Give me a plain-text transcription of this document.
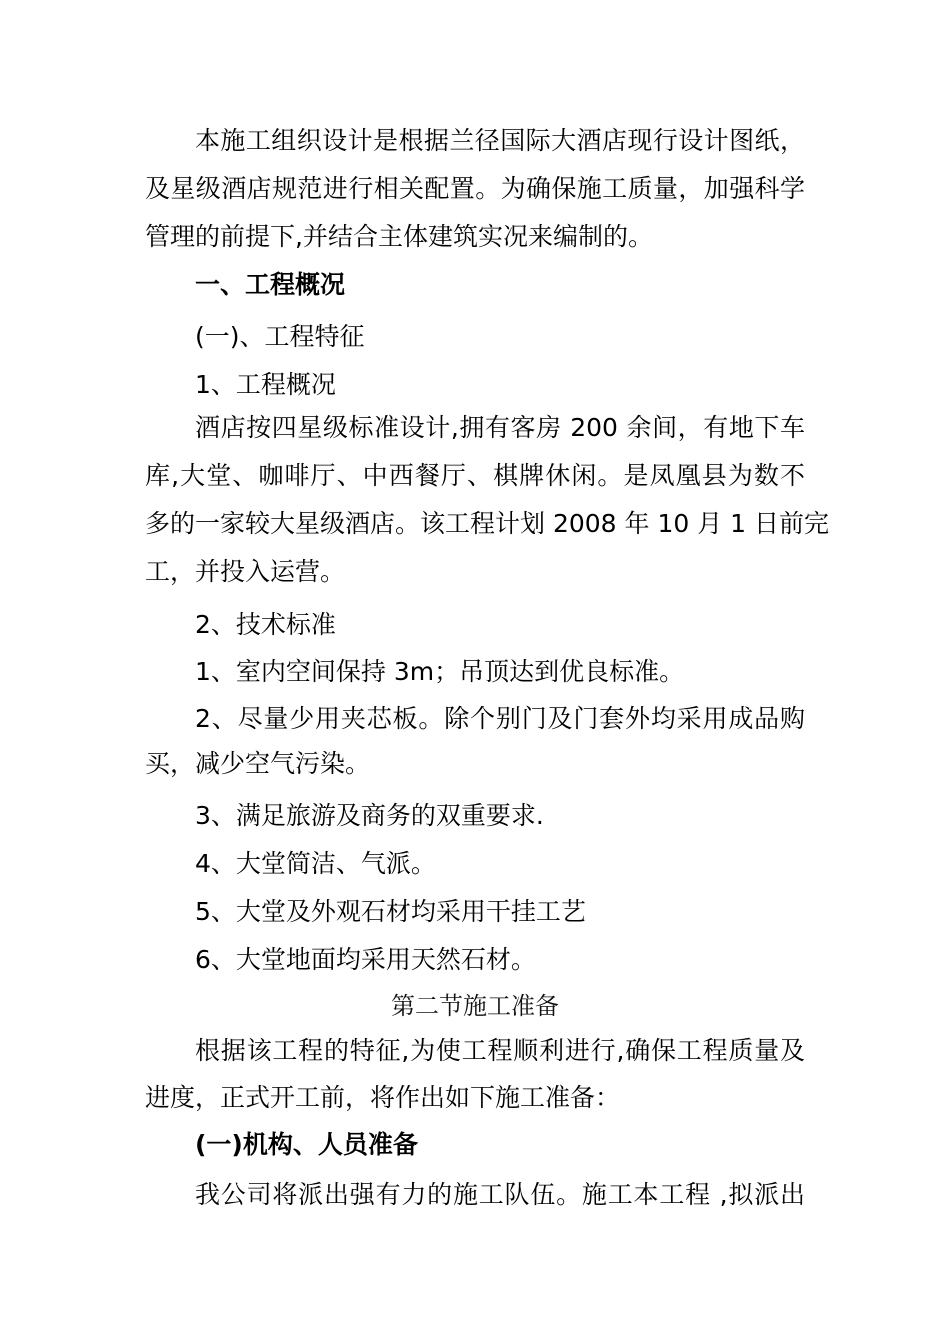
本施工组织设计是根据兰径国际大酒店现行设计图纸，
及星级酒店规范进行相关配置。为确保施工质量，加强科学
管理的前提下,并结合主体建筑实况来编制的。
一、工程概况
(一)、工程特征
1、工程概况
酒店按四星级标准设计,拥有客房 200 余间，有地下车
库,大堂、咖啡厅、中西餐厅、棋牌休闲。是凤凰县为数不
多的一家较大星级酒店。该工程计划 2008 年 10 月 1 日前完
工，并投入运营。
2、技术标准
1、室内空间保持 3m；吊顶达到优良标准。
2、尽量少用夹芯板。除个别门及门套外均采用成品购
买，减少空气污染。
3、满足旅游及商务的双重要求.
4、大堂简洁、气派。
5、大堂及外观石材均采用干挂工艺
6、大堂地面均采用天然石材。
第二节施工准备
根据该工程的特征,为使工程顺利进行,确保工程质量及
进度，正式开工前，将作出如下施工准备：
(一)机构、人员准备
我公司将派出强有力的施工队伍。施工本工程 ,拟派出
